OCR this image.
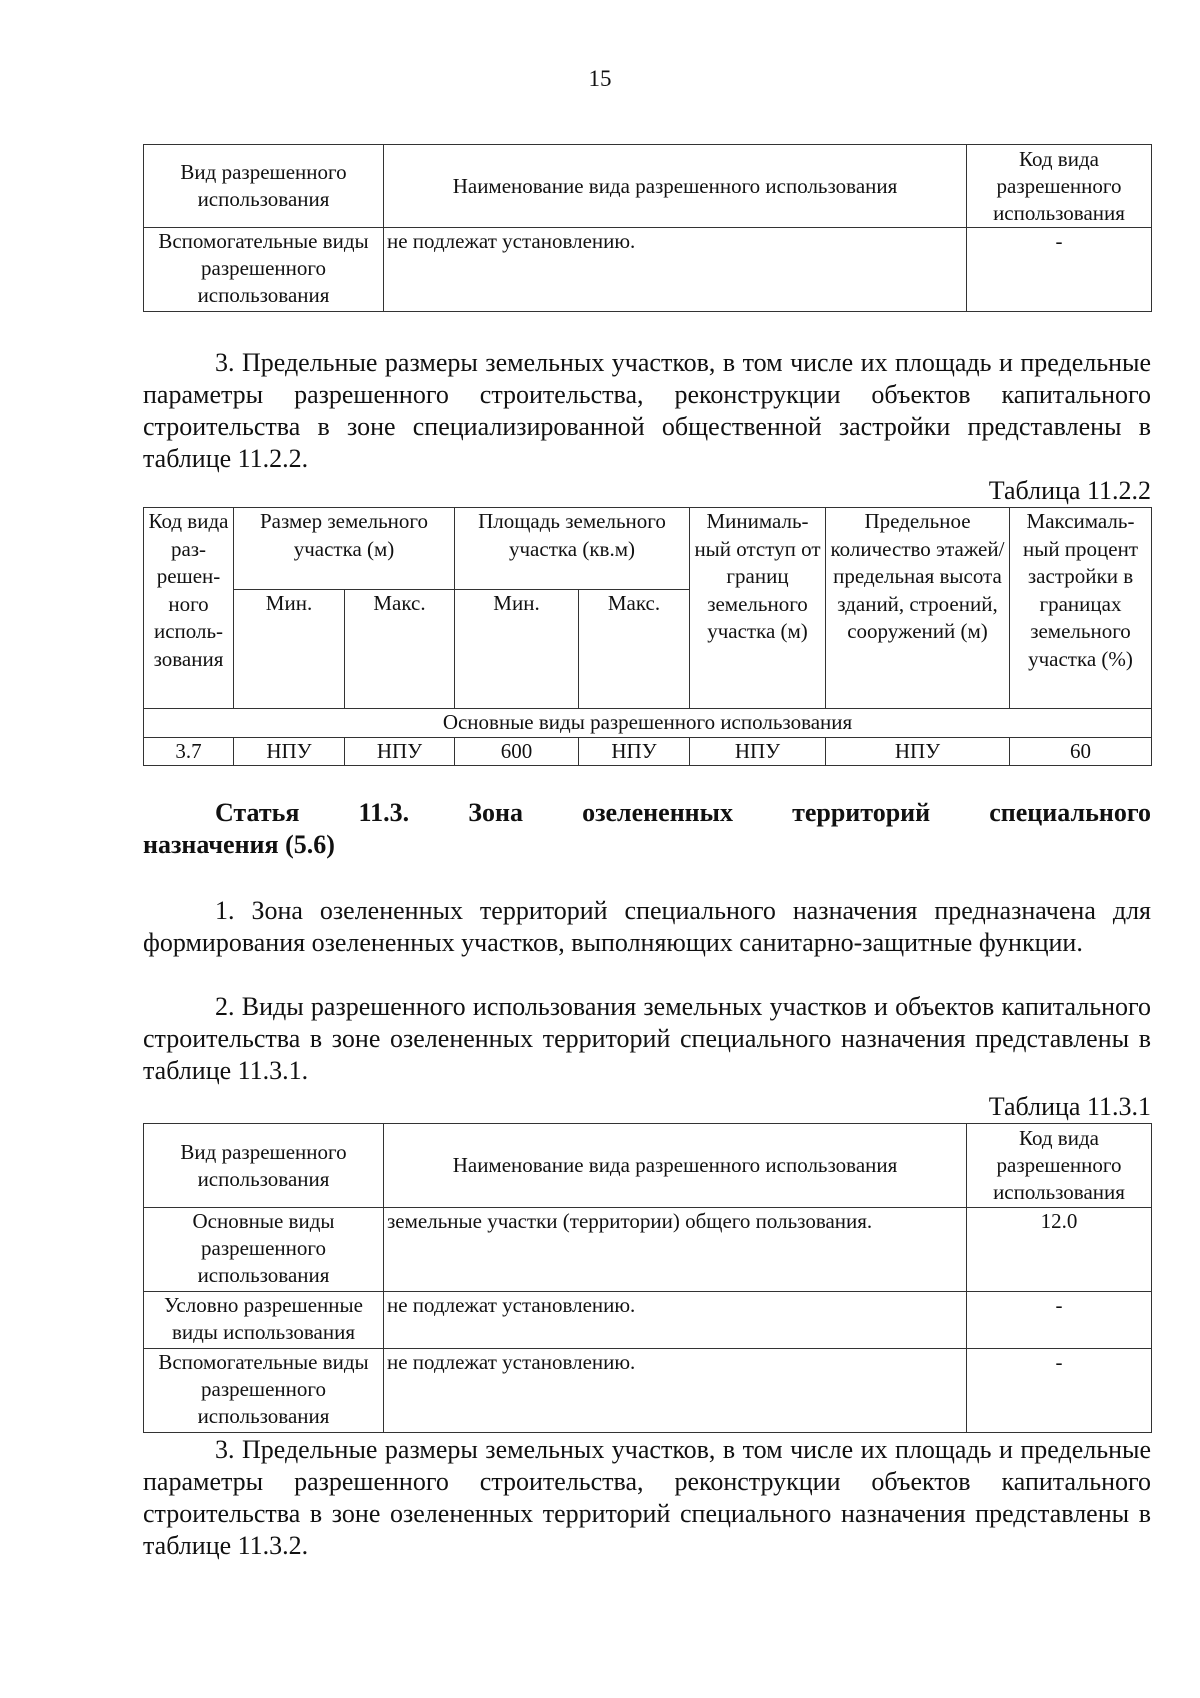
15
Вид разрешенного использования	Наименование вида разрешенного использования	Код вида разрешенного использования
Вспомогательные виды разрешенного использования	не подлежат установлению.	-

3. Предельные размеры земельных участков, в том числе их площадь и предельные параметры разрешенного строительства, реконструкции объектов капитального строительства в зоне специализированной общественной застройки представлены в таблице 11.2.2.

Таблица 11.2.2
Код вида раз-решен-ного исполь-зования	Размер земельного участка (м)		Площадь земельного участка (кв.м)		Минималь-ный отступ от границ земельного участка (м)	Предельное количество этажей/ предельная высота зданий, строений, сооружений (м)	Максималь-ный процент застройки в границах земельного участка (%)
	Мин.	Макс.	Мин.	Макс.			
Основные виды разрешенного использования							
3.7	НПУ	НПУ	600	НПУ	НПУ	НПУ	60
Статья 11.3. Зона озелененных территорий специального
назначения (5.6)

1. Зона озелененных территорий специального назначения предназначена для формирования озелененных участков, выполняющих санитарно-защитные функции.

2. Виды разрешенного использования земельных участков и объектов капитального строительства в зоне озелененных территорий специального назначения представлены в таблице 11.3.1.

Таблица 11.3.1
Вид разрешенного использования	Наименование вида разрешенного использования	Код вида разрешенного использования
Основные виды разрешенного использования	земельные участки (территории) общего пользования.	12.0
Условно разрешенные виды использования	не подлежат установлению.	-
Вспомогательные виды разрешенного использования	не подлежат установлению.	-

3. Предельные размеры земельных участков, в том числе их площадь и предельные параметры разрешенного строительства, реконструкции объектов капитального строительства в зоне озелененных территорий специального назначения представлены в таблице 11.3.2.
